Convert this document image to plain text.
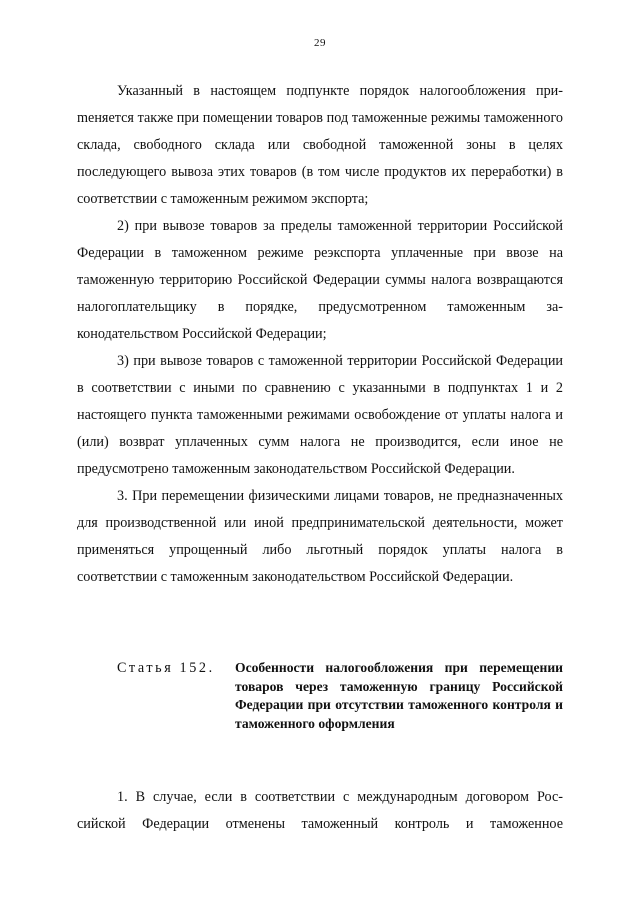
29

Указанный в настоящем подпункте порядок налогообложения приmеняется также при помещении товаров под таможенные режимы таможенного склада, свободного склада или свободной таможенной зоны в целях последующего вывоза этих товаров (в том числе продуктов их переработки) в соответствии с таможенным режимом экспорта;

2) при вывозе товаров за пределы таможенной территории Российской Федерации в таможенном режиме реэкспорта уплаченные при ввозе на таможенную территорию Российской Федерации суммы налога возвращаются налогоплательщику в порядке, предусмотренном таможенным законодательством Российской Федерации;

3) при вывозе товаров с таможенной территории Российской Федерации в соответствии с иными по сравнению с указанными в подпунктах 1 и 2 настоящего пункта таможенными режимами освобождение от уплаты налога и (или) возврат уплаченных сумм налога не производится, если иное не предусмотрено таможенным законодательством Российской Федерации.

3. При перемещении физическими лицами товаров, не предназначенных для производственной или иной предпринимательской деятельности, может применяться упрощенный либо льготный порядок уплаты налога в соответствии с таможенным законодательством Российской Федерации.

Статья 152.	Особенности налогообложения при перемещении товаров через таможенную границу Российской Федерации при отсутствии таможенного контроля и таможенного оформления

1. В случае, если в соответствии с международным договором Российской Федерации отменены таможенный контроль и таможенное
